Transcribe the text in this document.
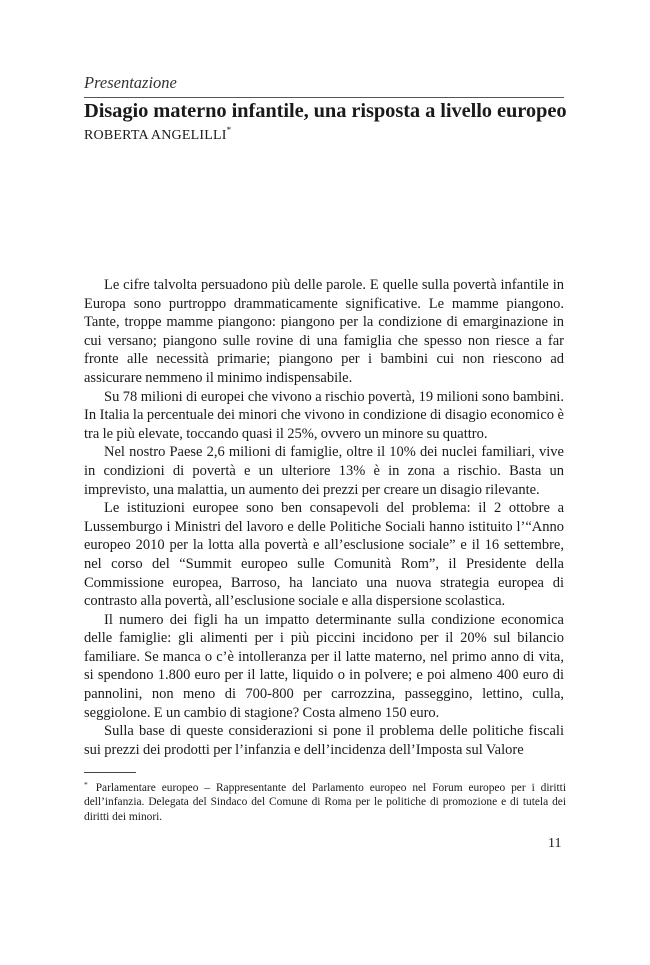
Presentazione
Disagio materno infantile, una risposta a livello europeo
ROBERTA ANGELILLI*

Le cifre talvolta persuadono più delle parole. E quelle sulla povertà infantile in Europa sono purtroppo drammaticamente significative. Le mamme piangono. Tante, troppe mamme piangono: piangono per la condizione di emarginazione in cui versano; piangono sulle rovine di una famiglia che spesso non riesce a far fronte alle necessità primarie; piangono per i bambini cui non riescono ad assicurare nemmeno il minimo indispensabile.

Su 78 milioni di europei che vivono a rischio povertà, 19 milioni sono bambini. In Italia la percentuale dei minori che vivono in condizione di disagio economico è tra le più elevate, toccando quasi il 25%, ovvero un minore su quattro.

Nel nostro Paese 2,6 milioni di famiglie, oltre il 10% dei nuclei familiari, vive in condizioni di povertà e un ulteriore 13% è in zona a rischio. Basta un imprevisto, una malattia, un aumento dei prezzi per creare un disagio rilevante.

Le istituzioni europee sono ben consapevoli del problema: il 2 ottobre a Lussemburgo i Ministri del lavoro e delle Politiche Sociali hanno istituito l’“Anno europeo 2010 per la lotta alla povertà e all’esclusione sociale” e il 16 settembre, nel corso del “Summit europeo sulle Comunità Rom”, il Presidente della Commissione europea, Barroso, ha lanciato una nuova strategia europea di contrasto alla povertà, all’esclusione sociale e alla dispersione scolastica.

Il numero dei figli ha un impatto determinante sulla condizione economica delle famiglie: gli alimenti per i più piccini incidono per il 20% sul bilancio familiare. Se manca o c’è intolleranza per il latte materno, nel primo anno di vita, si spendono 1.800 euro per il latte, liquido o in polvere; e poi almeno 400 euro di pannolini, non meno di 700-800 per carrozzina, passeggino, lettino, culla, seggiolone. E un cambio di stagione? Costa almeno 150 euro.

Sulla base di queste considerazioni si pone il problema delle politiche fiscali sui prezzi dei prodotti per l’infanzia e dell’incidenza dell’Imposta sul Valore

* Parlamentare europeo – Rappresentante del Parlamento europeo nel Forum europeo per i diritti dell’infanzia. Delegata del Sindaco del Comune di Roma per le politiche di promozione e di tutela dei diritti dei minori.
11
